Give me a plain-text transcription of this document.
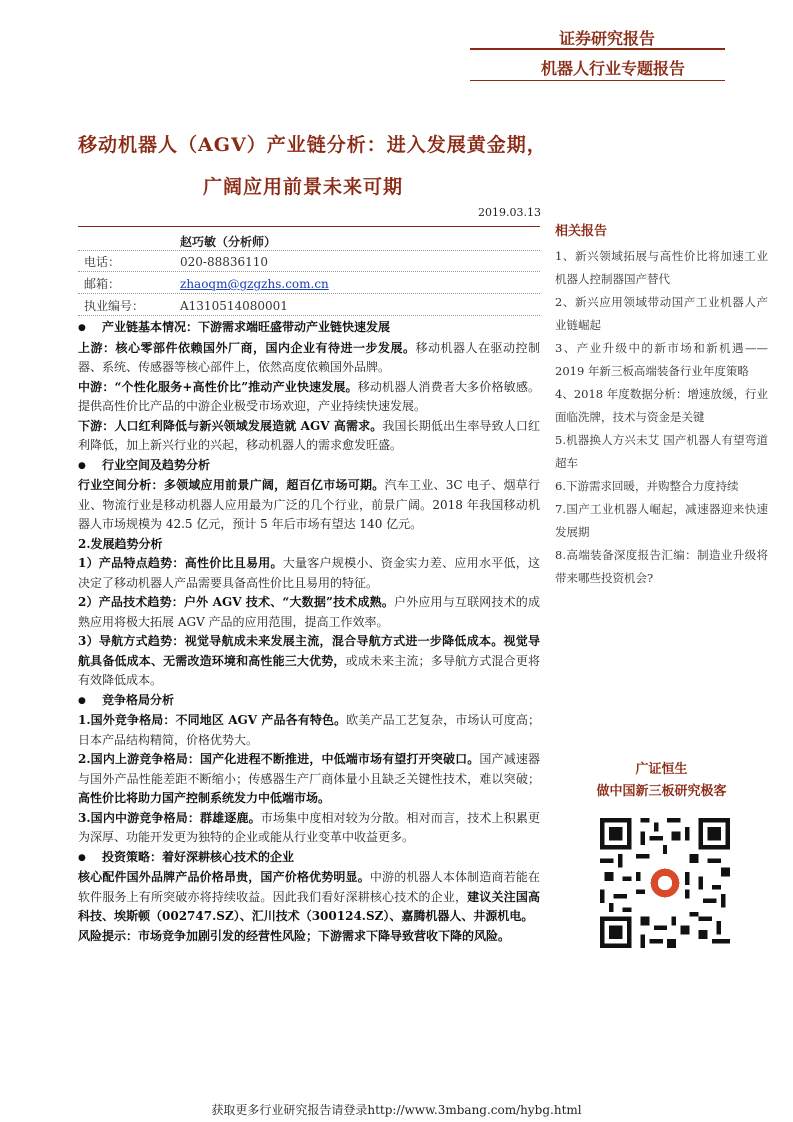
证券研究报告
机器人行业专题报告
移动机器人（AGV）产业链分析：进入发展黄金期，
广阔应用前景未来可期
2019.03.13
赵巧敏（分析师）
电话：	020-88836110
邮箱：	zhaoqm@gzgzhs.com.cn
执业编号：	A1310514080001

● 产业链基本情况：下游需求端旺盛带动产业链快速发展

上游：核心零部件依赖国外厂商，国内企业有待进一步发展。移动机器人在驱动控制器、系统、传感器等核心部件上，依然高度依赖国外品牌。

中游：“个性化服务+高性价比”推动产业快速发展。移动机器人消费者大多价格敏感。提供高性价比产品的中游企业极受市场欢迎，产业持续快速发展。

下游：人口红利降低与新兴领域发展造就 AGV 高需求。我国长期低出生率导致人口红利降低，加上新兴行业的兴起，移动机器人的需求愈发旺盛。

● 行业空间及趋势分析

行业空间分析：多领域应用前景广阔，超百亿市场可期。汽车工业、3C 电子、烟草行业、物流行业是移动机器人应用最为广泛的几个行业，前景广阔。2018 年我国移动机器人市场规模为 42.5 亿元，预计 5 年后市场有望达 140 亿元。

2.发展趋势分析

1）产品特点趋势：高性价比且易用。大量客户规模小、资金实力差、应用水平低，这决定了移动机器人产品需要具备高性价比且易用的特征。

2）产品技术趋势：户外 AGV 技术、“大数据”技术成熟。户外应用与互联网技术的成熟应用将极大拓展 AGV 产品的应用范围，提高工作效率。

3）导航方式趋势：视觉导航成未来发展主流，混合导航方式进一步降低成本。视觉导航具备低成本、无需改造环境和高性能三大优势，或成未来主流；多导航方式混合更将有效降低成本。

● 竞争格局分析

1.国外竞争格局：不同地区 AGV 产品各有特色。欧美产品工艺复杂，市场认可度高；日本产品结构精简，价格优势大。

2.国内上游竞争格局：国产化进程不断推进，中低端市场有望打开突破口。国产减速器与国外产品性能差距不断缩小；传感器生产厂商体量小且缺乏关键性技术，难以突破；高性价比将助力国产控制系统发力中低端市场。

3.国内中游竞争格局：群雄逐鹿。市场集中度相对较为分散。相对而言，技术上积累更为深厚、功能开发更为独特的企业或能从行业变革中收益更多。

● 投资策略：着好深耕核心技术的企业

核心配件国外品牌产品价格昂贵，国产价格优势明显。中游的机器人本体制造商若能在软件服务上有所突破亦将持续收益。因此我们看好深耕核心技术的企业，建议关注国高科技、埃斯顿（002747.SZ）、汇川技术（300124.SZ）、嘉腾机器人、井源机电。

风险提示：市场竞争加剧引发的经营性风险；下游需求下降导致营收下降的风险。

相关报告
1、新兴领域拓展与高性价比将加速工业机器人控制器国产替代
2、新兴应用领域带动国产工业机器人产业链崛起
3、产业升级中的新市场和新机遇——2019 年新三板高端装备行业年度策略
4、2018 年度数据分析：增速放缓，行业面临洗牌，技术与资金是关键
5.机器换人方兴未艾 国产机器人有望弯道超车
6.下游需求回暖，并购整合力度持续
7.国产工业机器人崛起，减速器迎来快速发展期
8.高端装备深度报告汇编：制造业升级将带来哪些投资机会?
广证恒生
做中国新三板研究极客
获取更多行业研究报告请登录http://www.3mbang.com/hybg.html
